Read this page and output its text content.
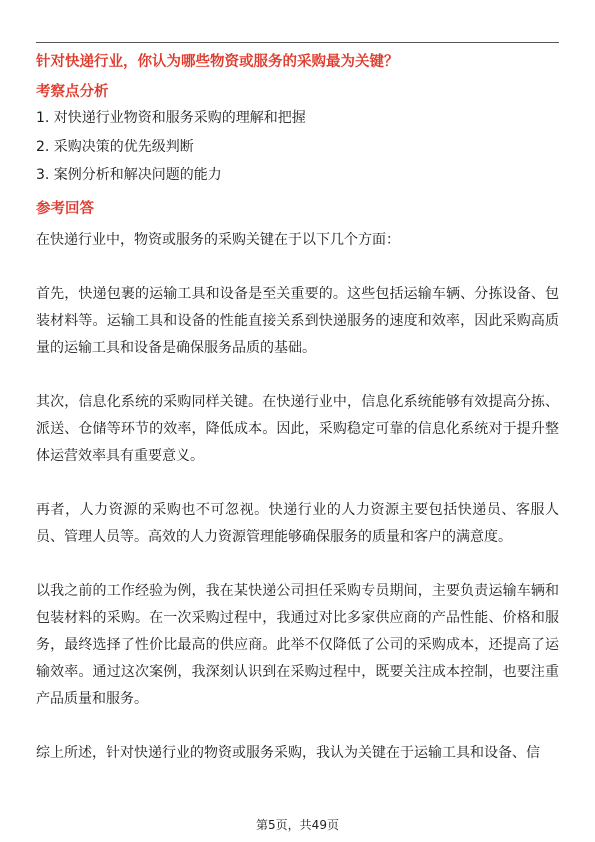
针对快递行业，你认为哪些物资或服务的采购最为关键？
考察点分析
1. 对快递行业物资和服务采购的理解和把握
2. 采购决策的优先级判断
3. 案例分析和解决问题的能力
参考回答

在快递行业中，物资或服务的采购关键在于以下几个方面：

首先，快递包裹的运输工具和设备是至关重要的。这些包括运输车辆、分拣设备、包装材料等。运输工具和设备的性能直接关系到快递服务的速度和效率，因此采购高质量的运输工具和设备是确保服务品质的基础。

其次，信息化系统的采购同样关键。在快递行业中，信息化系统能够有效提高分拣、派送、仓储等环节的效率，降低成本。因此，采购稳定可靠的信息化系统对于提升整体运营效率具有重要意义。

再者，人力资源的采购也不可忽视。快递行业的人力资源主要包括快递员、客服人员、管理人员等。高效的人力资源管理能够确保服务的质量和客户的满意度。

以我之前的工作经验为例，我在某快递公司担任采购专员期间，主要负责运输车辆和包装材料的采购。在一次采购过程中，我通过对比多家供应商的产品性能、价格和服务，最终选择了性价比最高的供应商。此举不仅降低了公司的采购成本，还提高了运输效率。通过这次案例，我深刻认识到在采购过程中，既要关注成本控制，也要注重产品质量和服务。

综上所述，针对快递行业的物资或服务采购，我认为关键在于运输工具和设备、信

第5页，共49页
